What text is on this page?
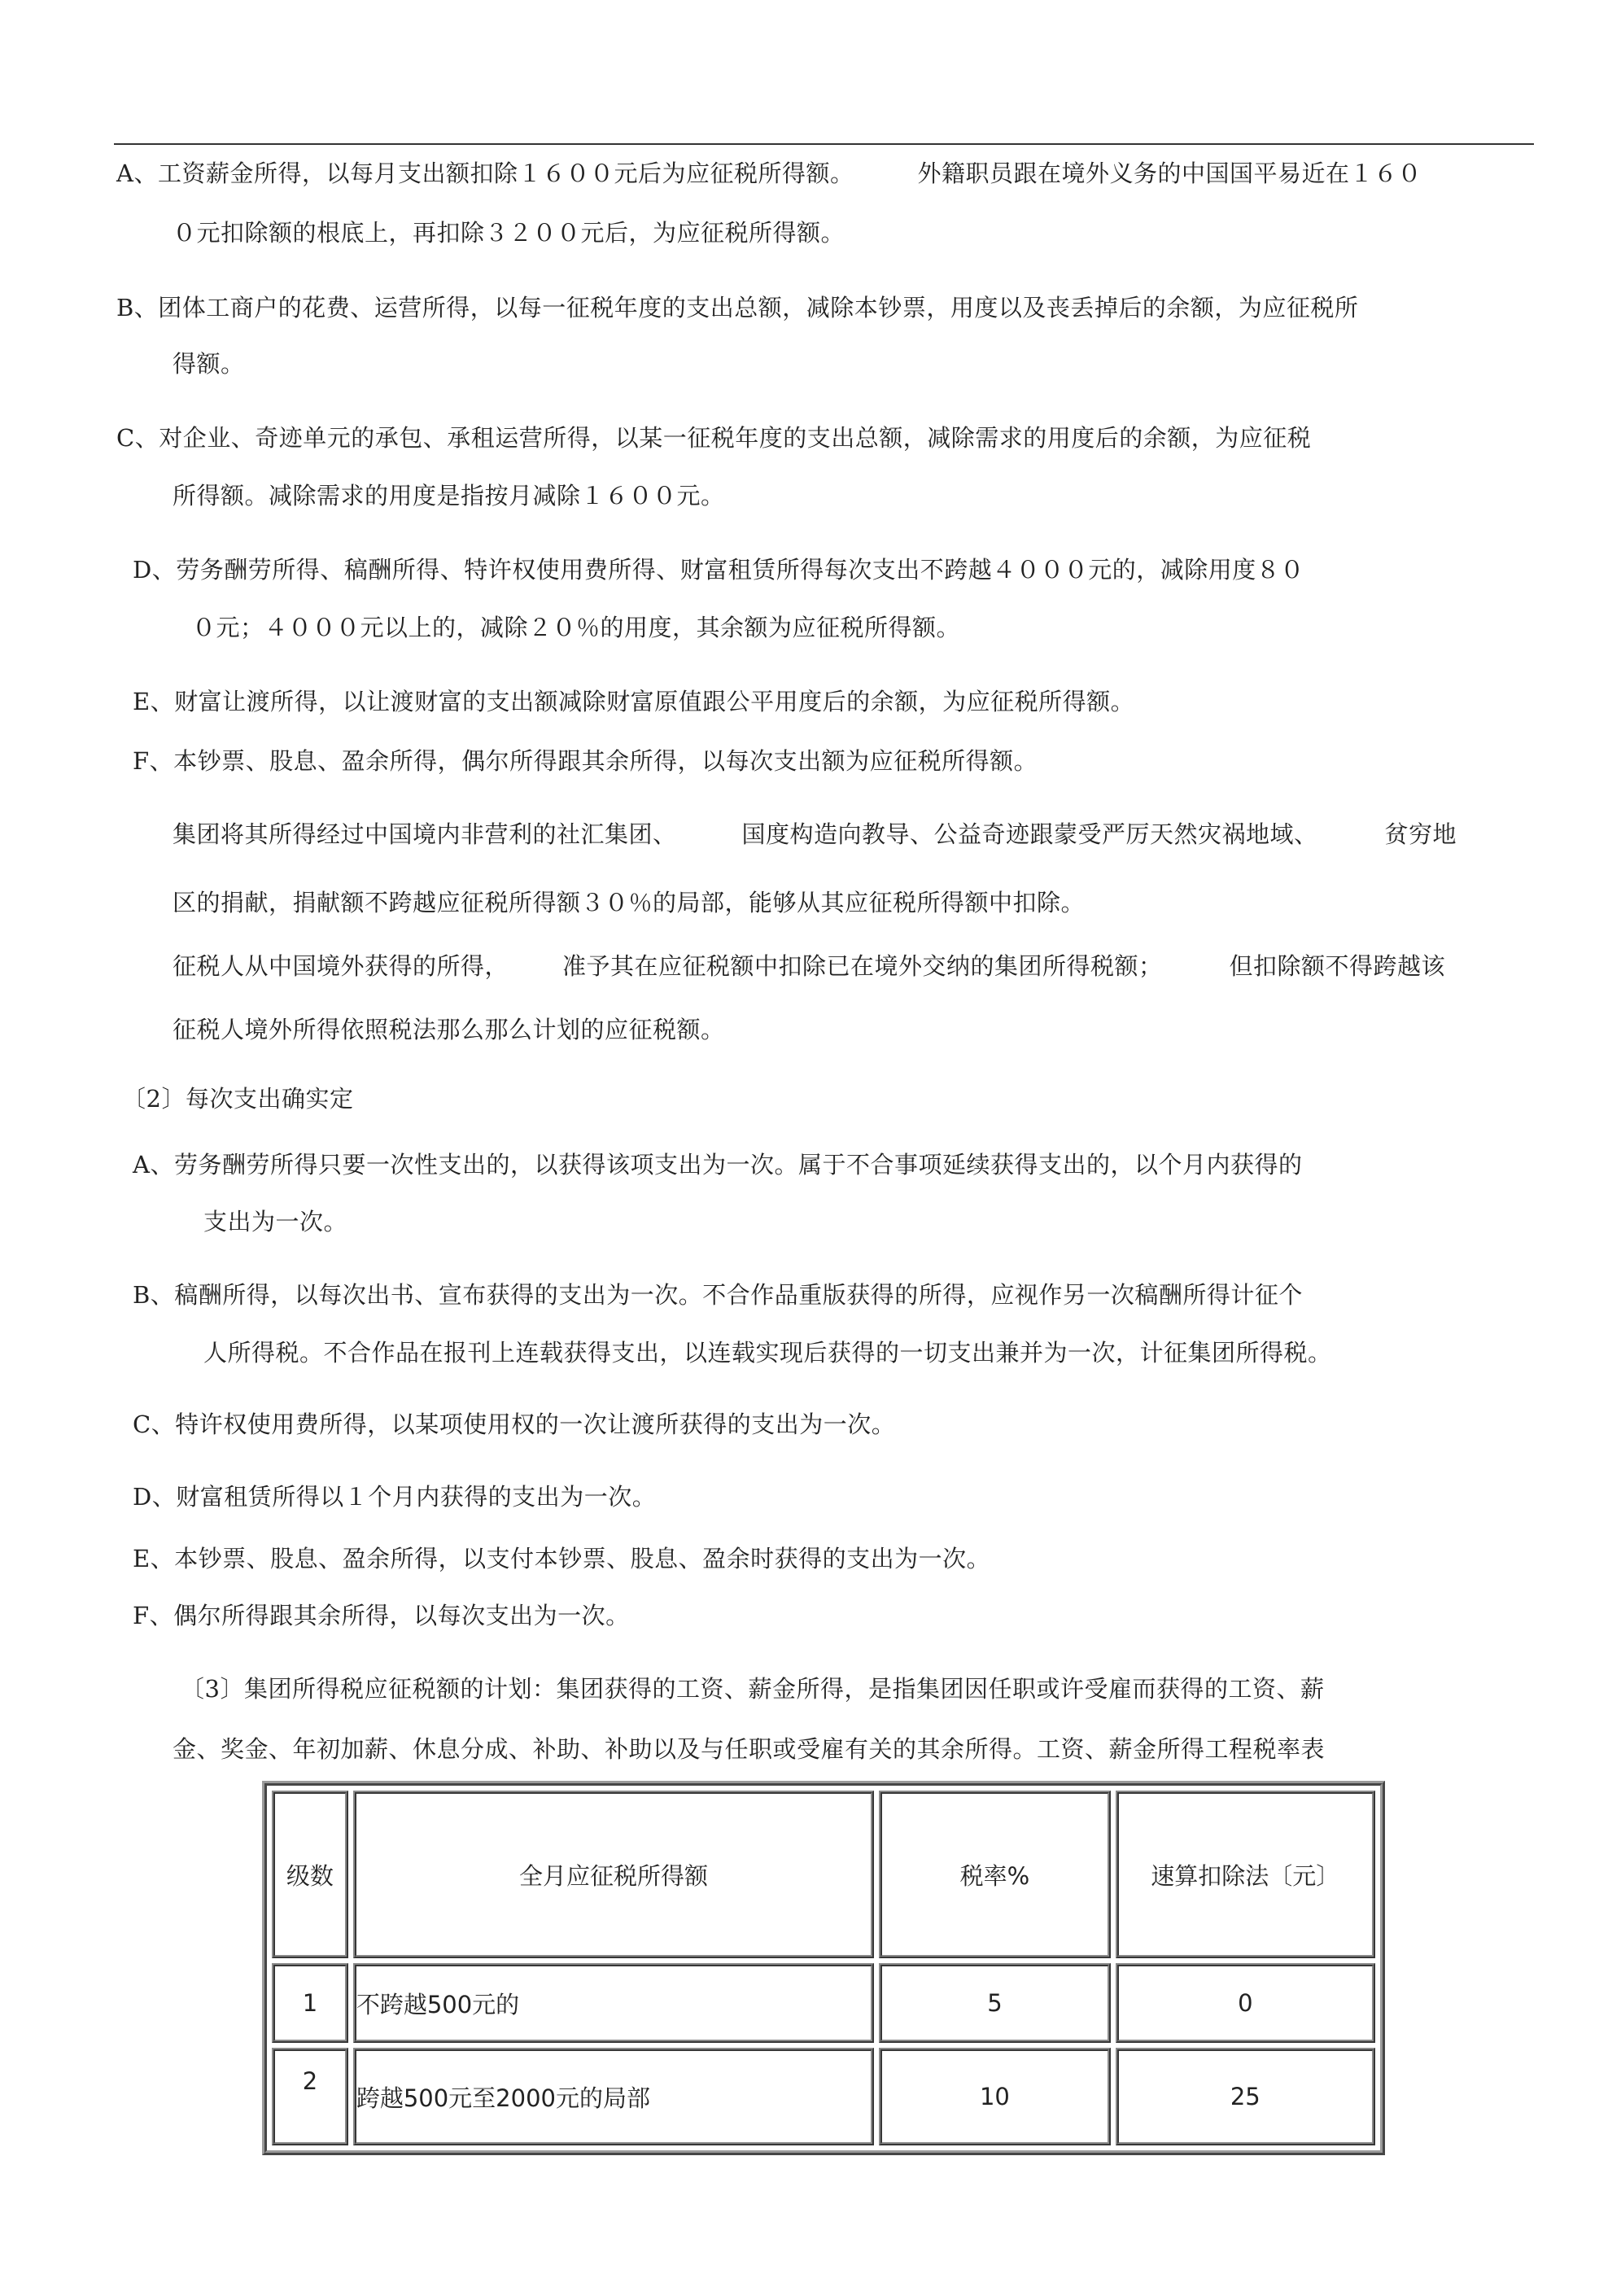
A、工资薪金所得，以每月支出额扣除１６００元后为应征税所得额。	外籍职员跟在境外义务的中国国平易近在１６０
０元扣除额的根底上，再扣除３２００元后，为应征税所得额。
B、团体工商户的花费、运营所得，以每一征税年度的支出总额，减除本钞票，用度以及丧丢掉后的余额，为应征税所
得额。
C、对企业、奇迹单元的承包、承租运营所得，以某一征税年度的支出总额，减除需求的用度后的余额，为应征税
所得额。减除需求的用度是指按月减除１６００元。
D、劳务酬劳所得、稿酬所得、特许权使用费所得、财富租赁所得每次支出不跨越４０００元的，减除用度８０
０元；４０００元以上的，减除２０％的用度，其余额为应征税所得额。
E、财富让渡所得，以让渡财富的支出额减除财富原值跟公平用度后的余额，为应征税所得额。
F、本钞票、股息、盈余所得，偶尔所得跟其余所得，以每次支出额为应征税所得额。
集团将其所得经过中国境内非营利的社汇集团、	国度构造向教导、公益奇迹跟蒙受严厉天然灾祸地域、	贫穷地
区的捐献，捐献额不跨越应征税所得额３０％的局部，能够从其应征税所得额中扣除。
征税人从中国境外获得的所得， 准予其在应征税额中扣除已在境外交纳的集团所得税额；	但扣除额不得跨越该
征税人境外所得依照税法那么那么计划的应征税额。
〔2〕每次支出确实定
A、劳务酬劳所得只要一次性支出的，以获得该项支出为一次。属于不合事项延续获得支出的，以个月内获得的
支出为一次。
B、稿酬所得，以每次出书、宣布获得的支出为一次。不合作品重版获得的所得，应视作另一次稿酬所得计征个
人所得税。不合作品在报刊上连载获得支出，以连载实现后获得的一切支出兼并为一次，计征集团所得税。
C、特许权使用费所得，以某项使用权的一次让渡所获得的支出为一次。
D、财富租赁所得以１个月内获得的支出为一次。
E、本钞票、股息、盈余所得，以支付本钞票、股息、盈余时获得的支出为一次。
F、偶尔所得跟其余所得，以每次支出为一次。
〔3〕集团所得税应征税额的计划：集团获得的工资、薪金所得，是指集团因任职或许受雇而获得的工资、薪
金、奖金、年初加薪、休息分成、补助、补助以及与任职或受雇有关的其余所得。工资、薪金所得工程税率表
级数	全月应征税所得额	税率%	速算扣除法〔元〕
1	不跨越500元的	5	0
2	跨越500元至2000元的局部	10	25
